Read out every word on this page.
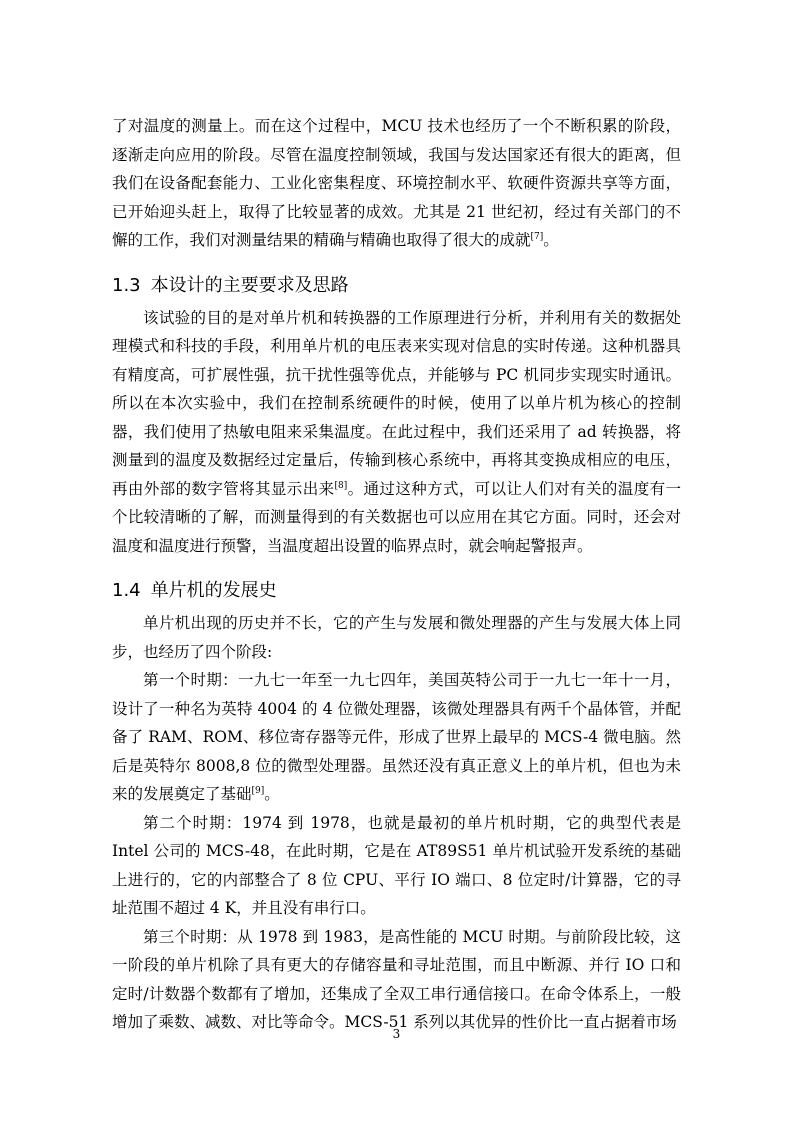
了对温度的测量上。而在这个过程中，MCU 技术也经历了一个不断积累的阶段，逐渐走向应用的阶段。尽管在温度控制领域，我国与发达国家还有很大的距离，但我们在设备配套能力、工业化密集程度、环境控制水平、软硬件资源共享等方面，已开始迎头赶上，取得了比较显著的成效。尤其是 21 世纪初，经过有关部门的不懈的工作，我们对测量结果的精确与精确也取得了很大的成就[7]。

1.3 本设计的主要要求及思路

该试验的目的是对单片机和转换器的工作原理进行分析，并利用有关的数据处理模式和科技的手段，利用单片机的电压表来实现对信息的实时传递。这种机器具有精度高，可扩展性强，抗干扰性强等优点，并能够与 PC 机同步实现实时通讯。所以在本次实验中，我们在控制系统硬件的时候，使用了以单片机为核心的控制器，我们使用了热敏电阻来采集温度。在此过程中，我们还采用了 ad 转换器，将测量到的温度及数据经过定量后，传输到核心系统中，再将其变换成相应的电压，再由外部的数字管将其显示出来[8]。通过这种方式，可以让人们对有关的温度有一个比较清晰的了解，而测量得到的有关数据也可以应用在其它方面。同时，还会对温度和温度进行预警，当温度超出设置的临界点时，就会响起警报声。

1.4 单片机的发展史

单片机出现的历史并不长，它的产生与发展和微处理器的产生与发展大体上同步，也经历了四个阶段:

第一个时期：一九七一年至一九七四年，美国英特公司于一九七一年十一月，设计了一种名为英特 4004 的 4 位微处理器，该微处理器具有两千个晶体管，并配备了 RAM、ROM、移位寄存器等元件，形成了世界上最早的 MCS-4 微电脑。然后是英特尔 8008,8 位的微型处理器。虽然还没有真正意义上的单片机，但也为未来的发展奠定了基础[9]。

第二个时期：1974 到 1978，也就是最初的单片机时期，它的典型代表是 Intel 公司的 MCS-48，在此时期，它是在 AT89S51 单片机试验开发系统的基础上进行的，它的内部整合了 8 位 CPU、平行 IO 端口、8 位定时/计算器，它的寻址范围不超过 4 K，并且没有串行口。

第三个时期：从 1978 到 1983，是高性能的 MCU 时期。与前阶段比较，这一阶段的单片机除了具有更大的存储容量和寻址范围，而且中断源、并行 IO 口和定时/计数器个数都有了增加，还集成了全双工串行通信接口。在命令体系上，一般增加了乘数、减数、对比等命令。MCS-51 系列以其优异的性价比一直占据着市场

3
